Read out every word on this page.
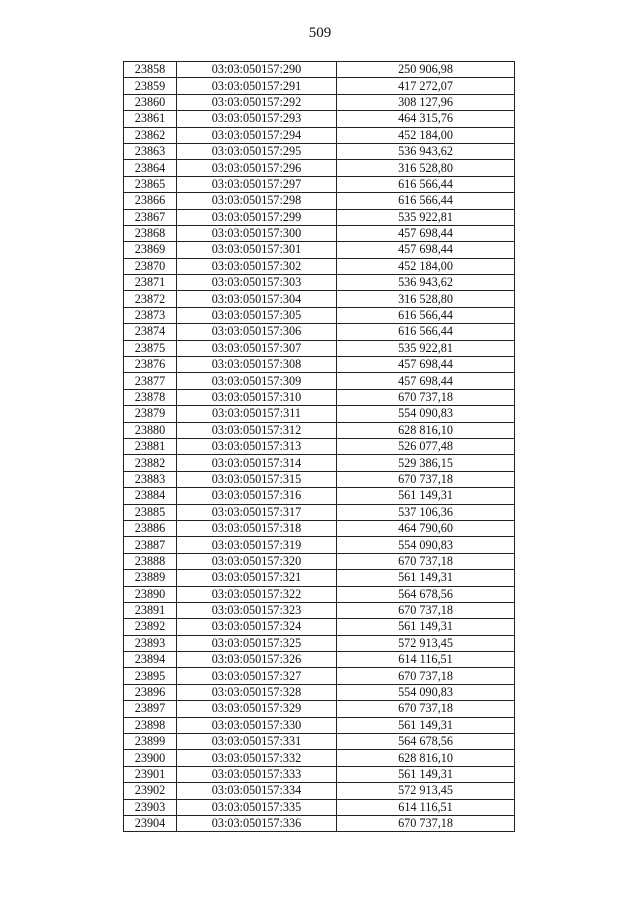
509
23858	03:03:050157:290	250 906,98
23859	03:03:050157:291	417 272,07
23860	03:03:050157:292	308 127,96
23861	03:03:050157:293	464 315,76
23862	03:03:050157:294	452 184,00
23863	03:03:050157:295	536 943,62
23864	03:03:050157:296	316 528,80
23865	03:03:050157:297	616 566,44
23866	03:03:050157:298	616 566,44
23867	03:03:050157:299	535 922,81
23868	03:03:050157:300	457 698,44
23869	03:03:050157:301	457 698,44
23870	03:03:050157:302	452 184,00
23871	03:03:050157:303	536 943,62
23872	03:03:050157:304	316 528,80
23873	03:03:050157:305	616 566,44
23874	03:03:050157:306	616 566,44
23875	03:03:050157:307	535 922,81
23876	03:03:050157:308	457 698,44
23877	03:03:050157:309	457 698,44
23878	03:03:050157:310	670 737,18
23879	03:03:050157:311	554 090,83
23880	03:03:050157:312	628 816,10
23881	03:03:050157:313	526 077,48
23882	03:03:050157:314	529 386,15
23883	03:03:050157:315	670 737,18
23884	03:03:050157:316	561 149,31
23885	03:03:050157:317	537 106,36
23886	03:03:050157:318	464 790,60
23887	03:03:050157:319	554 090,83
23888	03:03:050157:320	670 737,18
23889	03:03:050157:321	561 149,31
23890	03:03:050157:322	564 678,56
23891	03:03:050157:323	670 737,18
23892	03:03:050157:324	561 149,31
23893	03:03:050157:325	572 913,45
23894	03:03:050157:326	614 116,51
23895	03:03:050157:327	670 737,18
23896	03:03:050157:328	554 090,83
23897	03:03:050157:329	670 737,18
23898	03:03:050157:330	561 149,31
23899	03:03:050157:331	564 678,56
23900	03:03:050157:332	628 816,10
23901	03:03:050157:333	561 149,31
23902	03:03:050157:334	572 913,45
23903	03:03:050157:335	614 116,51
23904	03:03:050157:336	670 737,18
